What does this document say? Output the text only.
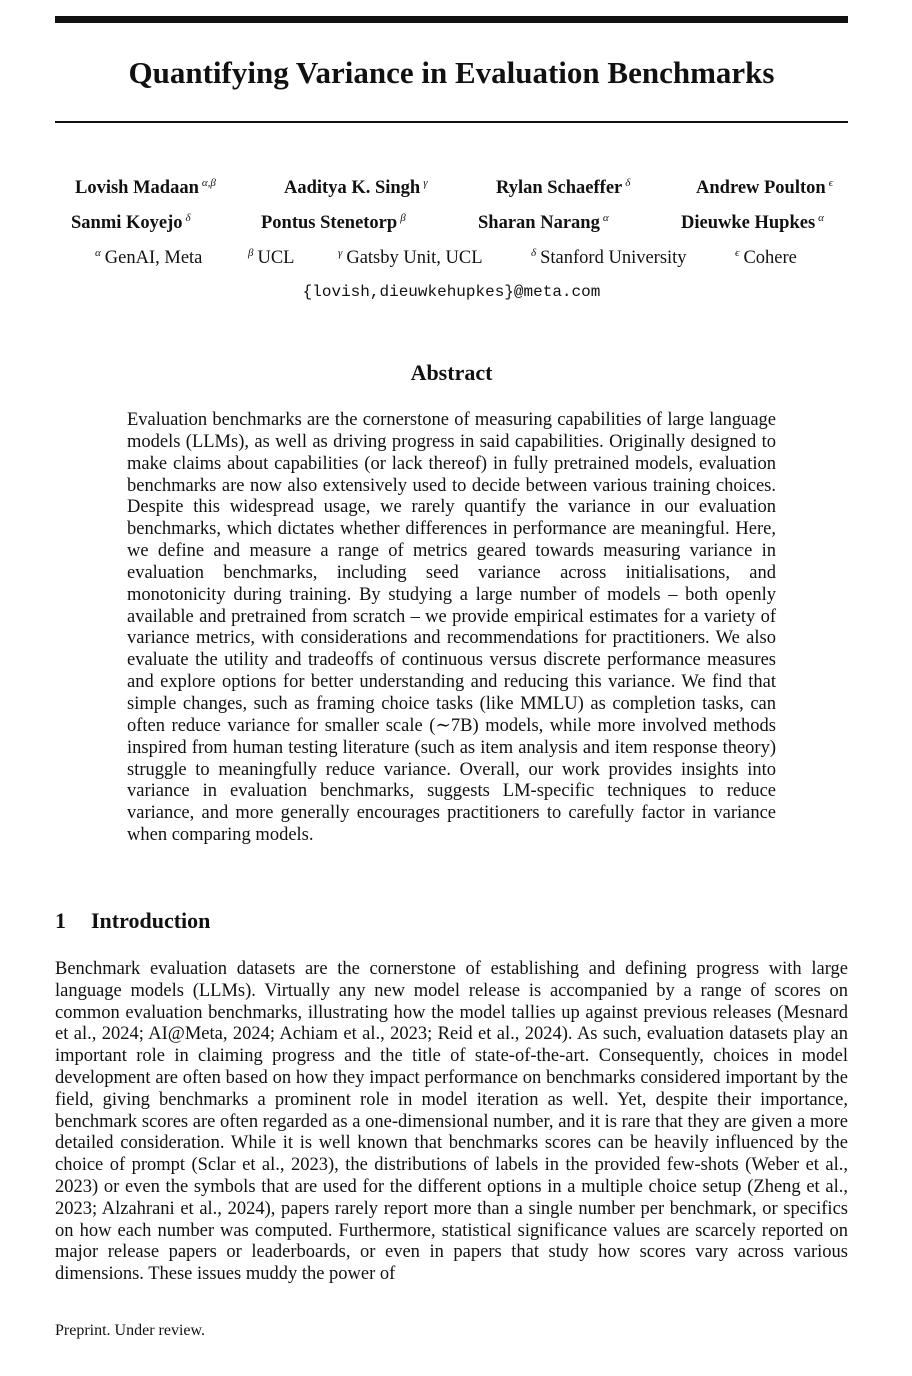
Quantifying Variance in Evaluation Benchmarks
Lovish Madaan $^{\alpha,\beta}$	Aaditya K. Singh $^\gamma$	Rylan Schaeffer $^\delta$	Andrew Poulton $^\epsilon$
Sanmi Koyejo $^\delta$	Pontus Stenetorp $^\beta$	Sharan Narang $^\alpha$	Dieuwke Hupkes $^\alpha$
$^\alpha$ GenAI, Meta	$^\beta$ UCL	$^\gamma$ Gatsby Unit, UCL	$^\delta$ Stanford University	$^\epsilon$ Cohere
{lovish,dieuwkehupkes}@meta.com
Abstract
Evaluation benchmarks are the cornerstone of measuring capabilities of large language models (LLMs), as well as driving progress in said capabilities. Originally designed to make claims about capabilities (or lack thereof) in fully pretrained models, evaluation benchmarks are now also extensively used to decide between various training choices. Despite this widespread usage, we rarely quantify the variance in our evaluation benchmarks, which dictates whether differences in performance are meaningful. Here, we define and measure a range of metrics geared towards measuring variance in evaluation benchmarks, including seed variance across initialisations, and monotonicity during training. By studying a large number of models – both openly available and pretrained from scratch – we provide empirical estimates for a variety of variance metrics, with considerations and recommendations for practitioners. We also evaluate the utility and tradeoffs of continuous versus discrete performance measures and explore options for better understanding and reducing this variance. We find that simple changes, such as framing choice tasks (like MMLU) as completion tasks, can often reduce variance for smaller scale (∼7B) models, while more involved methods inspired from human testing literature (such as item analysis and item response theory) struggle to meaningfully reduce variance. Overall, our work provides insights into variance in evaluation benchmarks, suggests LM-specific techniques to reduce variance, and more generally encourages practitioners to carefully factor in variance when comparing models.
1 Introduction
Benchmark evaluation datasets are the cornerstone of establishing and defining progress with large language models (LLMs). Virtually any new model release is accompanied by a range of scores on common evaluation benchmarks, illustrating how the model tallies up against previous releases (Mesnard et al., 2024; AI@Meta, 2024; Achiam et al., 2023; Reid et al., 2024). As such, evaluation datasets play an important role in claiming progress and the title of state-of-the-art. Consequently, choices in model development are often based on how they impact performance on benchmarks considered important by the field, giving benchmarks a prominent role in model iteration as well. Yet, despite their importance, benchmark scores are often regarded as a one-dimensional number, and it is rare that they are given a more detailed consideration. While it is well known that benchmarks scores can be heavily influenced by the choice of prompt (Sclar et al., 2023), the distributions of labels in the provided few-shots (Weber et al., 2023) or even the symbols that are used for the different options in a multiple choice setup (Zheng et al., 2023; Alzahrani et al., 2024), papers rarely report more than a single number per benchmark, or specifics on how each number was computed. Furthermore, statistical significance values are scarcely reported on major release papers or leaderboards, or even in papers that study how scores vary across various dimensions. These issues muddy the power of
Preprint. Under review.
